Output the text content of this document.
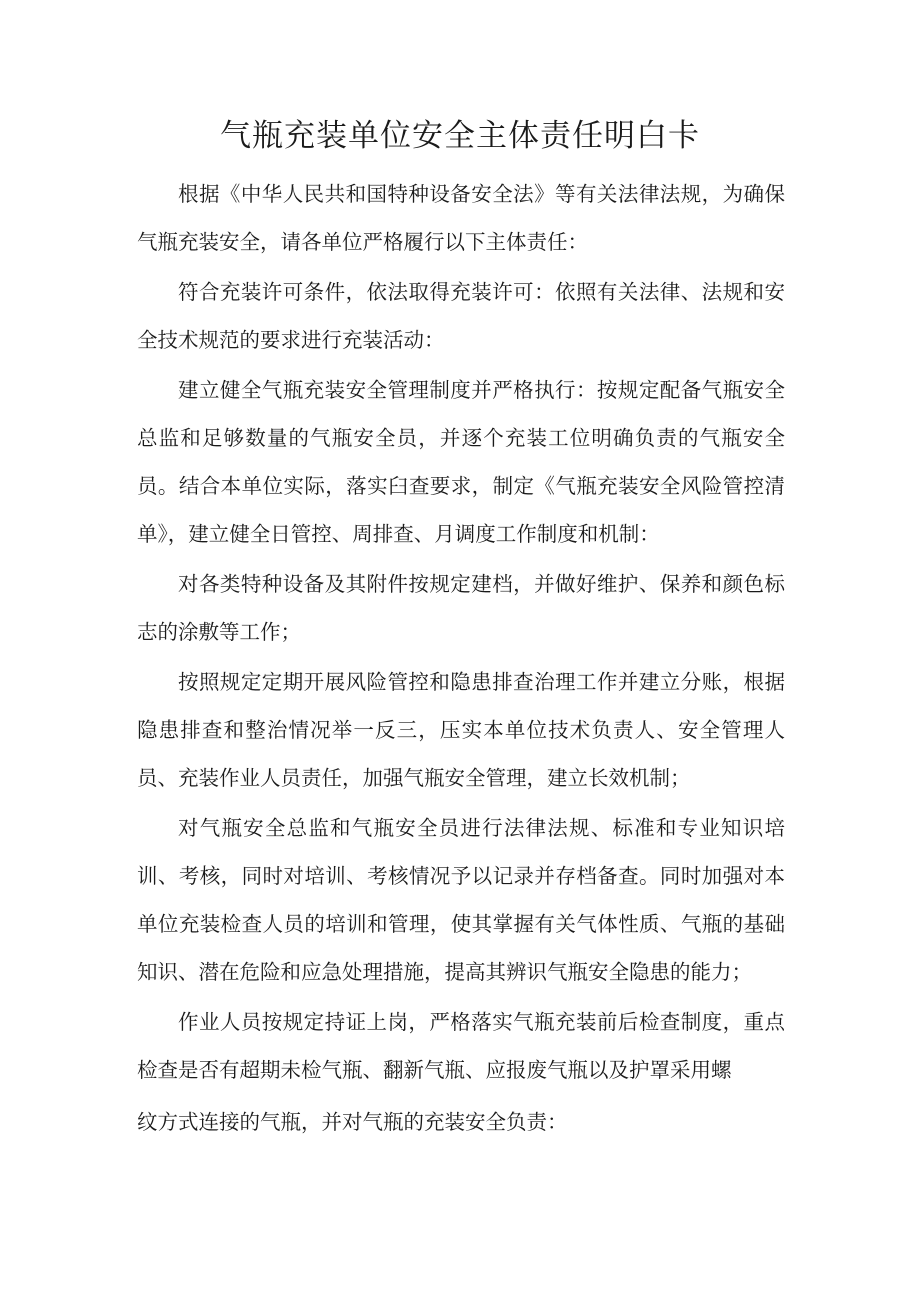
气瓶充装单位安全主体责任明白卡

根据《中华人民共和国特种设备安全法》等有关法律法规，为确保气瓶充装安全，请各单位严格履行以下主体责任：

符合充装许可条件，依法取得充装许可：依照有关法律、法规和安全技术规范的要求进行充装活动：

建立健全气瓶充装安全管理制度并严格执行：按规定配备气瓶安全总监和足够数量的气瓶安全员，并逐个充装工位明确负责的气瓶安全员。结合本单位实际，落实臼查要求，制定《气瓶充装安全风险管控清单》，建立健全日管控、周排查、月调度工作制度和机制：

对各类特种设备及其附件按规定建档，并做好维护、保养和颜色标志的涂敷等工作；

按照规定定期开展风险管控和隐患排查治理工作并建立分账，根据隐患排查和整治情况举一反三，压实本单位技术负责人、安全管理人员、充装作业人员责任，加强气瓶安全管理，建立长效机制；

对气瓶安全总监和气瓶安全员进行法律法规、标准和专业知识培训、考核，同时对培训、考核情况予以记录并存档备查。同时加强对本单位充装检查人员的培训和管理，使其掌握有关气体性质、气瓶的基础知识、潜在危险和应急处理措施，提高其辨识气瓶安全隐患的能力；

作业人员按规定持证上岗，严格落实气瓶充装前后检查制度，重点检查是否有超期未检气瓶、翻新气瓶、应报废气瓶以及护罩采用螺

纹方式连接的气瓶，并对气瓶的充装安全负责：
